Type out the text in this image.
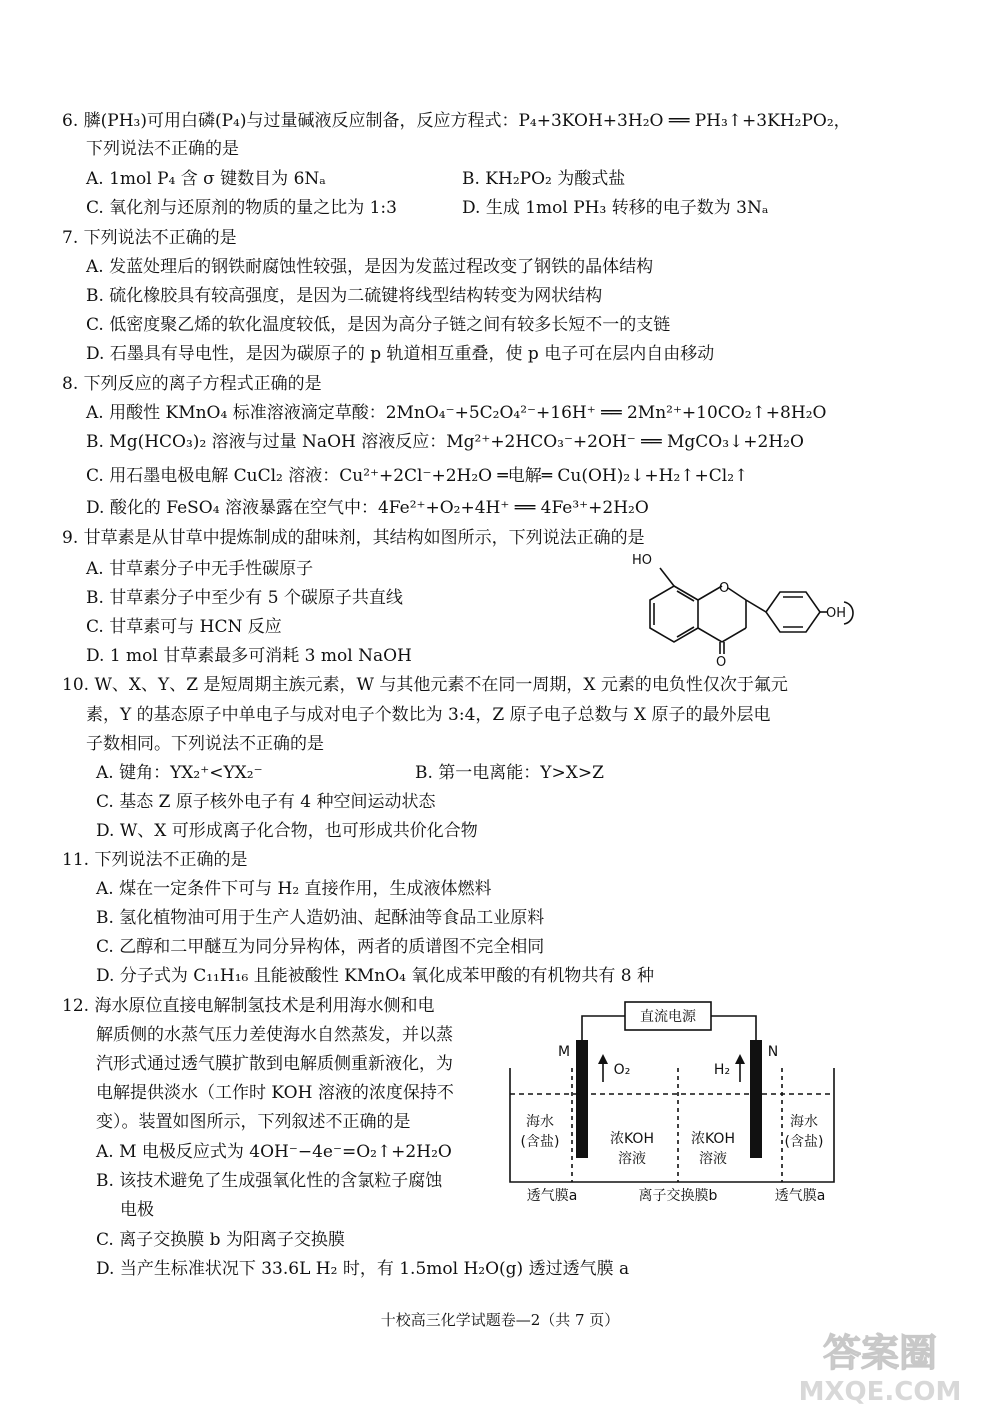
6. 膦(PH₃)可用白磷(P₄)与过量碱液反应制备，反应方程式：P₄+3KOH+3H₂O ══ PH₃↑+3KH₂PO₂，
下列说法不正确的是
A. 1mol P₄ 含 σ 键数目为 6Nₐ	B. KH₂PO₂ 为酸式盐
C. 氧化剂与还原剂的物质的量之比为 1:3	D. 生成 1mol PH₃ 转移的电子数为 3Nₐ
7. 下列说法不正确的是
A. 发蓝处理后的钢铁耐腐蚀性较强，是因为发蓝过程改变了钢铁的晶体结构
B. 硫化橡胶具有较高强度，是因为二硫键将线型结构转变为网状结构
C. 低密度聚乙烯的软化温度较低，是因为高分子链之间有较多长短不一的支链
D. 石墨具有导电性，是因为碳原子的 p 轨道相互重叠，使 p 电子可在层内自由移动
8. 下列反应的离子方程式正确的是
A. 用酸性 KMnO₄ 标准溶液滴定草酸：2MnO₄⁻+5C₂O₄²⁻+16H⁺ ══ 2Mn²⁺+10CO₂↑+8H₂O
B. Mg(HCO₃)₂ 溶液与过量 NaOH 溶液反应：Mg²⁺+2HCO₃⁻+2OH⁻ ══ MgCO₃↓+2H₂O
C. 用石墨电极电解 CuCl₂ 溶液：Cu²⁺+2Cl⁻+2H₂O ═电解═ Cu(OH)₂↓+H₂↑+Cl₂↑
D. 酸化的 FeSO₄ 溶液暴露在空气中：4Fe²⁺+O₂+4H⁺ ══ 4Fe³⁺+2H₂O
9. 甘草素是从甘草中提炼制成的甜味剂，其结构如图所示，下列说法正确的是
A. 甘草素分子中无手性碳原子
B. 甘草素分子中至少有 5 个碳原子共直线
C. 甘草素可与 HCN 反应
D. 1 mol 甘草素最多可消耗 3 mol NaOH
HO
O
OH
O
10. W、X、Y、Z 是短周期主族元素，W 与其他元素不在同一周期，X 元素的电负性仅次于氟元
素，Y 的基态原子中单电子与成对电子个数比为 3:4，Z 原子电子总数与 X 原子的最外层电
子数相同。下列说法不正确的是
A. 键角：YX₂⁺<YX₂⁻	B. 第一电离能：Y>X>Z
C. 基态 Z 原子核外电子有 4 种空间运动状态
D. W、X 可形成离子化合物，也可形成共价化合物
11. 下列说法不正确的是
A. 煤在一定条件下可与 H₂ 直接作用，生成液体燃料
B. 氢化植物油可用于生产人造奶油、起酥油等食品工业原料
C. 乙醇和二甲醚互为同分异构体，两者的质谱图不完全相同
D. 分子式为 C₁₁H₁₆ 且能被酸性 KMnO₄ 氧化成苯甲酸的有机物共有 8 种
12. 海水原位直接电解制氢技术是利用海水侧和电
解质侧的水蒸气压力差使海水自然蒸发，并以蒸
汽形式通过透气膜扩散到电解质侧重新液化，为
电解提供淡水（工作时 KOH 溶液的浓度保持不
变）。装置如图所示，下列叙述不正确的是
A. M 电极反应式为 4OH⁻−4e⁻=O₂↑+2H₂O
B. 该技术避免了生成强氧化性的含氯粒子腐蚀
电极
C. 离子交换膜 b 为阳离子交换膜
D. 当产生标准状况下 33.6L H₂ 时，有 1.5mol H₂O(g) 透过透气膜 a
直流电源
M	N
O₂	H₂
海水
(含盐)	浓KOH
溶液
浓KOH
溶液
海水
(含盐)
透气膜a	离子交换膜b	透气膜a
十校高三化学试题卷—2（共 7 页）
答案圈
MXQE.COM
